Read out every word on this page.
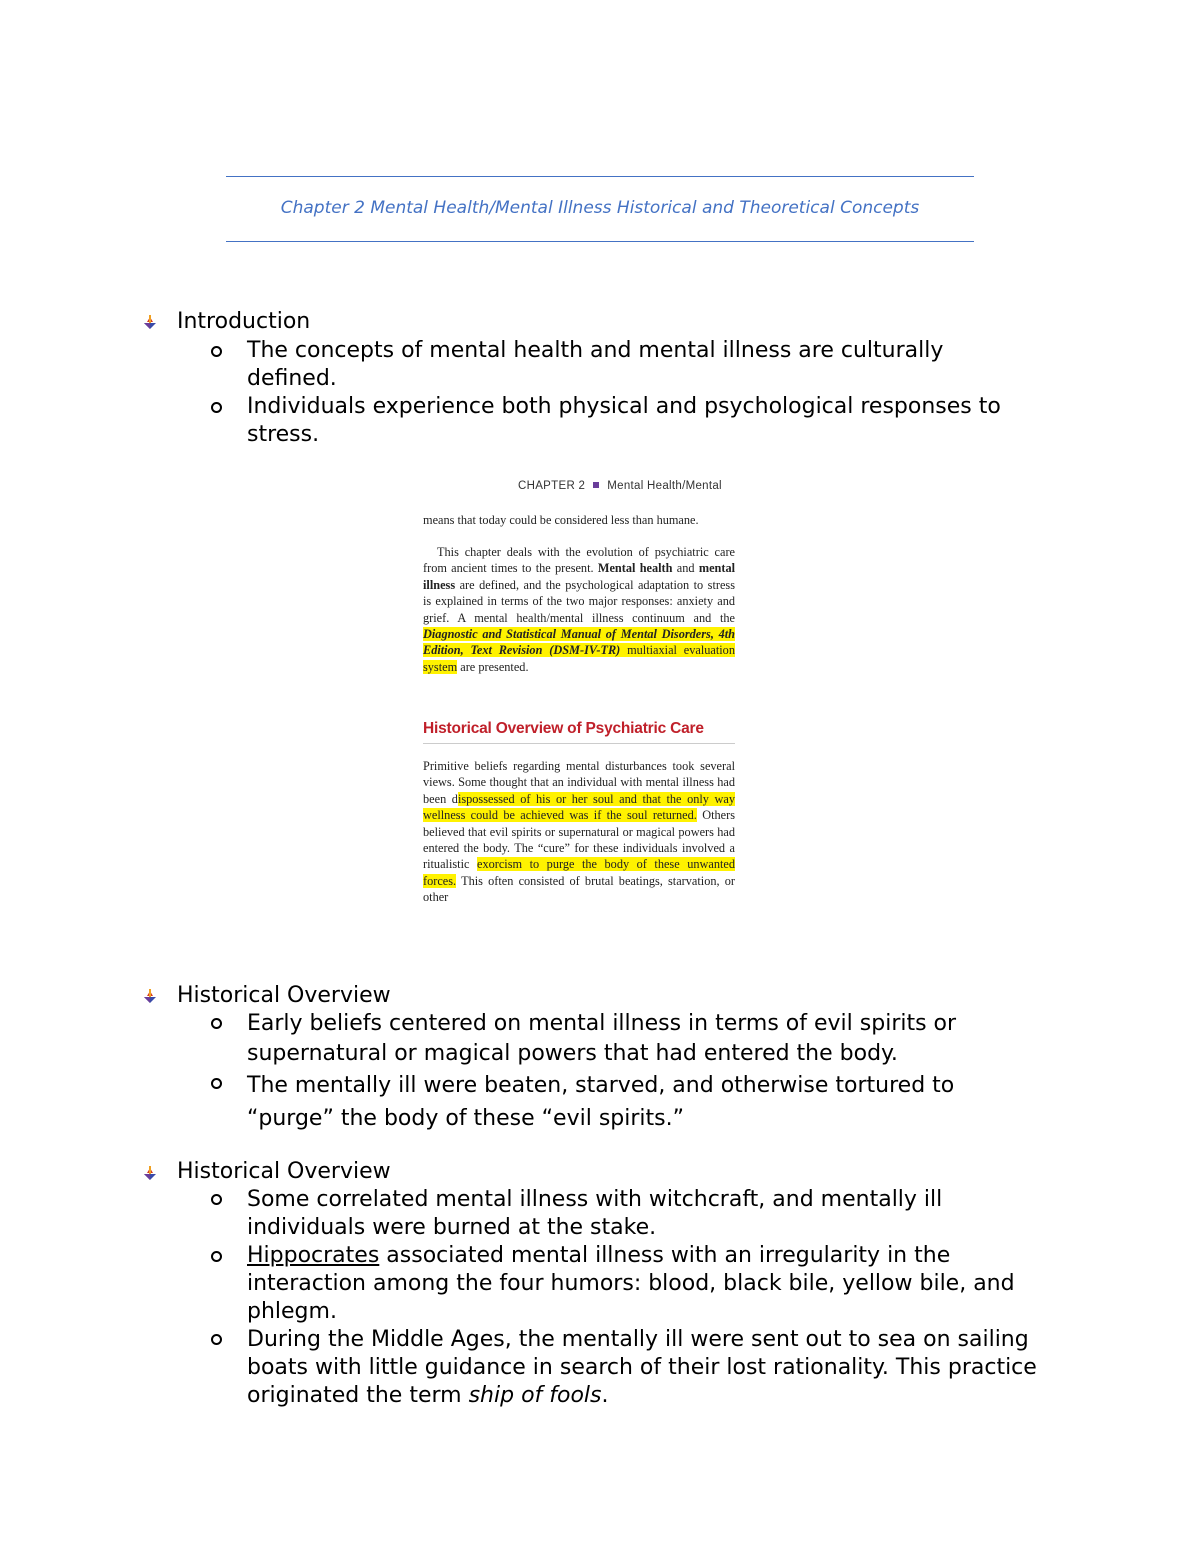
Chapter 2 Mental Health/Mental Illness Historical and Theoretical Concepts
Introduction
The concepts of mental health and mental illness are culturally defined.
Individuals experience both physical and psychological responses to stress.
CHAPTER 2 Mental Health/Mental
means that today could be considered less than humane.
This chapter deals with the evolution of psychiatric care from ancient times to the present. Mental health and mental illness are defined, and the psychological adaptation to stress is explained in terms of the two major responses: anxiety and grief. A mental health/mental illness continuum and the Diagnostic and Statistical Manual of Mental Disorders, 4th Edition, Text Revision (DSM-IV-TR) multiaxial evaluation system are presented.
Historical Overview of Psychiatric Care
Primitive beliefs regarding mental disturbances took several views. Some thought that an individual with mental illness had been dispossessed of his or her soul and that the only way wellness could be achieved was if the soul returned. Others believed that evil spirits or supernatural or magical powers had entered the body. The “cure” for these individuals involved a ritualistic exorcism to purge the body of these unwanted forces. This often consisted of brutal beatings, starvation, or other
Historical Overview
Early beliefs centered on mental illness in terms of evil spirits or supernatural or magical powers that had entered the body.
The mentally ill were beaten, starved, and otherwise tortured to “purge” the body of these “evil spirits.”
Historical Overview
Some correlated mental illness with witchcraft, and mentally ill individuals were burned at the stake.
Hippocrates associated mental illness with an irregularity in the interaction among the four humors: blood, black bile, yellow bile, and phlegm.
During the Middle Ages, the mentally ill were sent out to sea on sailing boats with little guidance in search of their lost rationality. This practice originated the term ship of fools.
